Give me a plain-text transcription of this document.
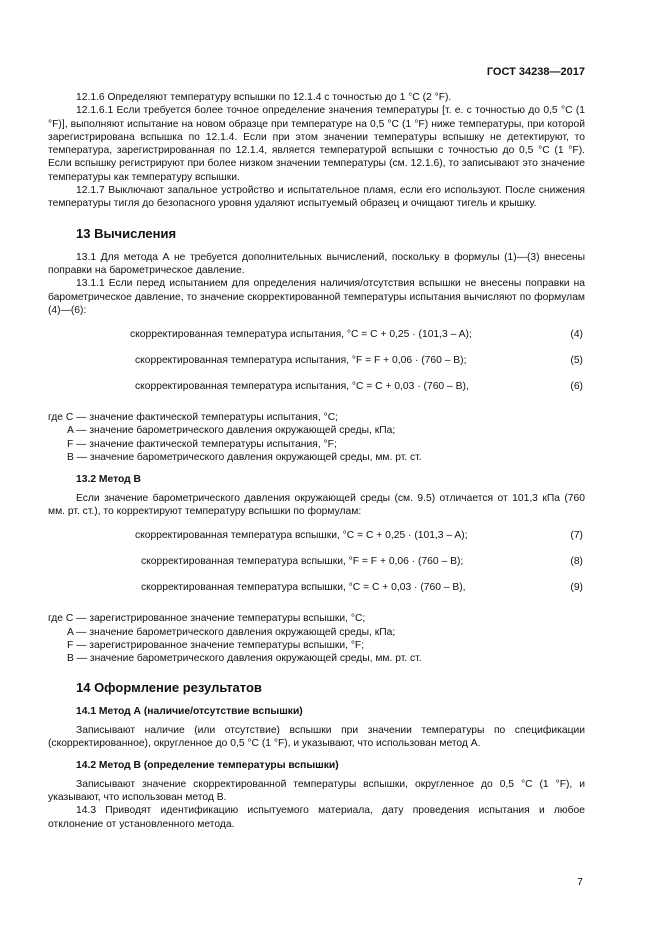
ГОСТ 34238—2017

12.1.6 Определяют температуру вспышки по 12.1.4 с точностью до 1 °С (2 °F).

12.1.6.1 Если требуется более точное определение значения температуры [т. е. с точностью до 0,5 °С (1 °F)], выполняют испытание на новом образце при температуре на 0,5 °С (1 °F) ниже температуры, при которой зарегистрирована вспышка по 12.1.4. Если при этом значении температуры вспышку не детектируют, то температура, зарегистрированная по 12.1.4, является температурой вспышки с точностью до 0,5 °С (1 °F). Если вспышку регистрируют при более низком значении температуры (см. 12.1.6), то записывают это значение температуры как температуру вспышки.

12.1.7 Выключают запальное устройство и испытательное пламя, если его используют. После снижения температуры тигля до безопасного уровня удаляют испытуемый образец и очищают тигель и крышку.

13 Вычисления

13.1 Для метода А не требуется дополнительных вычислений, поскольку в формулы (1)—(3) внесены поправки на барометрическое давление.

13.1.1 Если перед испытанием для определения наличия/отсутствия вспышки не внесены поправки на барометрическое давление, то значение скорректированной температуры испытания вычисляют по формулам (4)—(6):

скорректированная температура испытания, °С = C + 0,25 · (101,3 – A);	(4)
скорректированная температура испытания, °F = F + 0,06 · (760 – B);	(5)
скорректированная температура испытания, °С = C + 0,03 · (760 – B),	(6)

где C — значение фактической температуры испытания, °С;

A — значение барометрического давления окружающей среды, кПа;

F — значение фактической температуры испытания, °F;

B — значение барометрического давления окружающей среды, мм. рт. ст.

13.2 Метод В

Если значение барометрического давления окружающей среды (см. 9.5) отличается от 101,3 кПа (760 мм. рт. ст.), то корректируют температуру вспышки по формулам:

скорректированная температура вспышки, °С = C + 0,25 · (101,3 – A);	(7)
скорректированная температура вспышки, °F = F + 0,06 · (760 – B);	(8)
скорректированная температура вспышки, °С = C + 0,03 · (760 – B),	(9)

где C — зарегистрированное значение температуры вспышки, °С;

A — значение барометрического давления окружающей среды, кПа;

F — зарегистрированное значение температуры вспышки, °F;

B — значение барометрического давления окружающей среды, мм. рт. ст.

14 Оформление результатов
14.1 Метод А (наличие/отсутствие вспышки)

Записывают наличие (или отсутствие) вспышки при значении температуры по спецификации (скорректированное), округленное до 0,5 °С (1 °F), и указывают, что использован метод А.

14.2 Метод В (определение температуры вспышки)

Записывают значение скорректированной температуры вспышки, округленное до 0,5 °С (1 °F), и указывают, что использован метод В.

14.3 Приводят идентификацию испытуемого материала, дату проведения испытания и любое отклонение от установленного метода.

7
